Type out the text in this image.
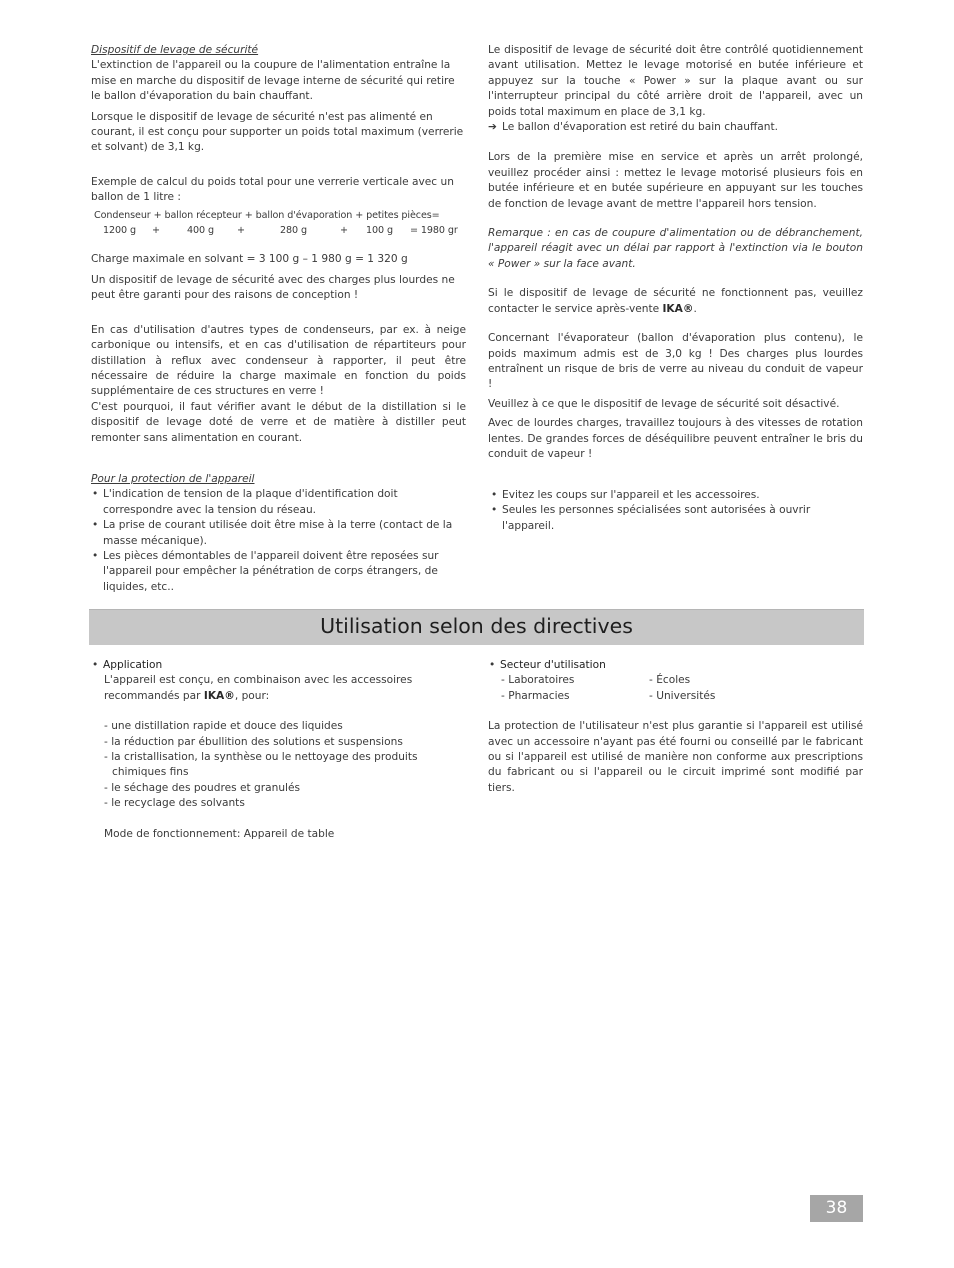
Dispositif de levage de sécurité

L'extinction de l'appareil ou la coupure de l'alimentation entraîne la mise en marche du dispositif de levage interne de sécurité qui retire le ballon d'évaporation du bain chauffant.

Lorsque le dispositif de levage de sécurité n'est pas alimenté en courant, il est conçu pour supporter un poids total maximum (verrerie et solvant) de 3,1 kg.

Exemple de calcul du poids total pour une verrerie verticale avec un ballon de 1 litre :

Condenseur + ballon récepteur + ballon d'évaporation + petites pièces=

1200 g	+	400 g	+	280 g	+	100 g	= 1980 gr

Charge maximale en solvant = 3 100 g – 1 980 g = 1 320 g

Un dispositif de levage de sécurité avec des charges plus lourdes ne peut être garanti pour des raisons de conception !

En cas d'utilisation d'autres types de condenseurs, par ex. à neige carbonique ou intensifs, et en cas d'utilisation de répartiteurs pour distillation à reflux avec condenseur à rapporter, il peut être nécessaire de réduire la charge maximale en fonction du poids supplémentaire de ces structures en verre !

C'est pourquoi, il faut vérifier avant le début de la distillation si le dispositif de levage doté de verre et de matière à distiller peut remonter sans alimentation en courant.

Le dispositif de levage de sécurité doit être contrôlé quotidiennement avant utilisation. Mettez le levage motorisé en butée inférieure et appuyez sur la touche « Power » sur la plaque avant ou sur l'interrupteur principal du côté arrière droit de l'appareil, avec un poids total maximum en place de 3,1 kg.

➔ Le ballon d'évaporation est retiré du bain chauffant.

Lors de la première mise en service et après un arrêt prolongé, veuillez procéder ainsi : mettez le levage motorisé plusieurs fois en butée inférieure et en butée supérieure en appuyant sur les touches de fonction de levage avant de mettre l'appareil hors tension.

Remarque : en cas de coupure d'alimentation ou de débranchement, l'appareil réagit avec un délai par rapport à l'extinction via le bouton « Power » sur la face avant.

Si le dispositif de levage de sécurité ne fonctionnent pas, veuillez contacter le service après-vente IKA®.

Concernant l'évaporateur (ballon d'évaporation plus contenu), le poids maximum admis est de 3,0 kg ! Des charges plus lourdes entraînent un risque de bris de verre au niveau du conduit de vapeur !

Veuillez à ce que le dispositif de levage de sécurité soit désactivé.

Avec de lourdes charges, travaillez toujours à des vitesses de rotation lentes. De grandes forces de déséquilibre peuvent entraîner le bris du conduit de vapeur !

Pour la protection de l'appareil

• L'indication de tension de la plaque d'identification doit correspondre avec la tension du réseau.
• La prise de courant utilisée doit être mise à la terre (contact de la masse mécanique).
• Les pièces démontables de l'appareil doivent être reposées sur l'appareil pour empêcher la pénétration de corps étrangers, de liquides, etc..
• Evitez les coups sur l'appareil et les accessoires.
• Seules les personnes spécialisées sont autorisées à ouvrir l'appareil.
Utilisation selon des directives
• Application

L'appareil est conçu, en combinaison avec les accessoires recommandés par IKA®, pour:

- une distillation rapide et douce des liquides
- la réduction par ébullition des solutions et suspensions
- la cristallisation, la synthèse ou le nettoyage des produits chimiques fins
- le séchage des poudres et granulés
- le recyclage des solvants

Mode de fonctionnement: Appareil de table

• Secteur d'utilisation
- Laboratoires
- Pharmacies
- Écoles
- Universités

La protection de l'utilisateur n'est plus garantie si l'appareil est utilisé avec un accessoire n'ayant pas été fourni ou conseillé par le fabricant ou si l'appareil est utilisé de manière non conforme aux prescriptions du fabricant ou si l'appareil ou le circuit imprimé sont modifié par tiers.

38
